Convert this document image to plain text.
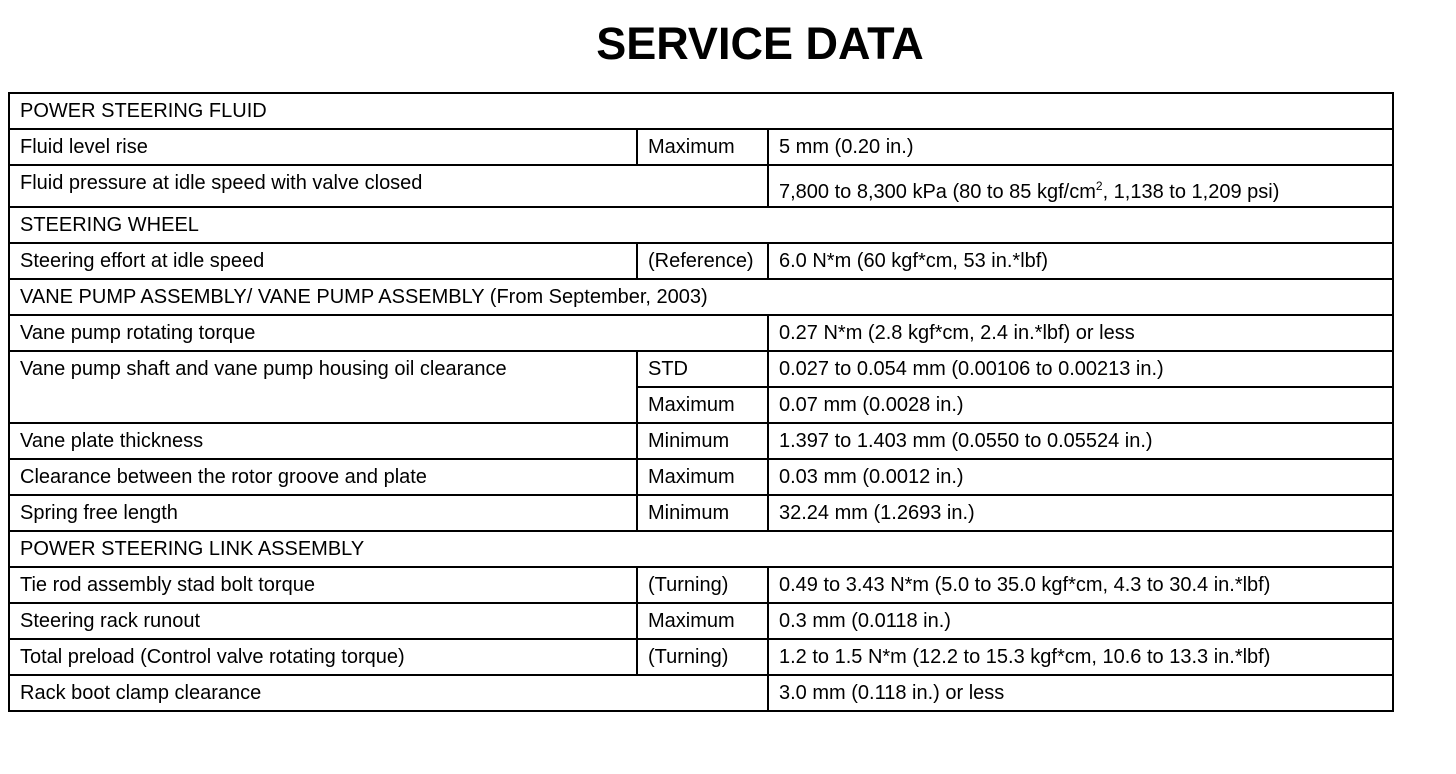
SERVICE DATA
POWER STEERING FLUID		
Fluid level rise	Maximum	5 mm (0.20 in.)
Fluid pressure at idle speed with valve closed		7,800 to 8,300 kPa (80 to 85 kgf/$cm^2$, 1,138 to 1,209 psi)
STEERING WHEEL		
Steering effort at idle speed	(Reference)	6.0 N*m (60 kgf*cm, 53 in.*lbf)
VANE PUMP ASSEMBLY/ VANE PUMP ASSEMBLY (From September, 2003)		
Vane pump rotating torque		0.27 N*m (2.8 kgf*cm, 2.4 in.*lbf) or less
Vane pump shaft and vane pump housing oil clearance	STD	0.027 to 0.054 mm (0.00106 to 0.00213 in.)
	Maximum	0.07 mm (0.0028 in.)
Vane plate thickness	Minimum	1.397 to 1.403 mm (0.0550 to 0.05524 in.)
Clearance between the rotor groove and plate	Maximum	0.03 mm (0.0012 in.)
Spring free length	Minimum	32.24 mm (1.2693 in.)
POWER STEERING LINK ASSEMBLY		
Tie rod assembly stad bolt torque	(Turning)	0.49 to 3.43 N*m (5.0 to 35.0 kgf*cm, 4.3 to 30.4 in.*lbf)
Steering rack runout	Maximum	0.3 mm (0.0118 in.)
Total preload (Control valve rotating torque)	(Turning)	1.2 to 1.5 N*m (12.2 to 15.3 kgf*cm, 10.6 to 13.3 in.*lbf)
Rack boot clamp clearance		3.0 mm (0.118 in.) or less
